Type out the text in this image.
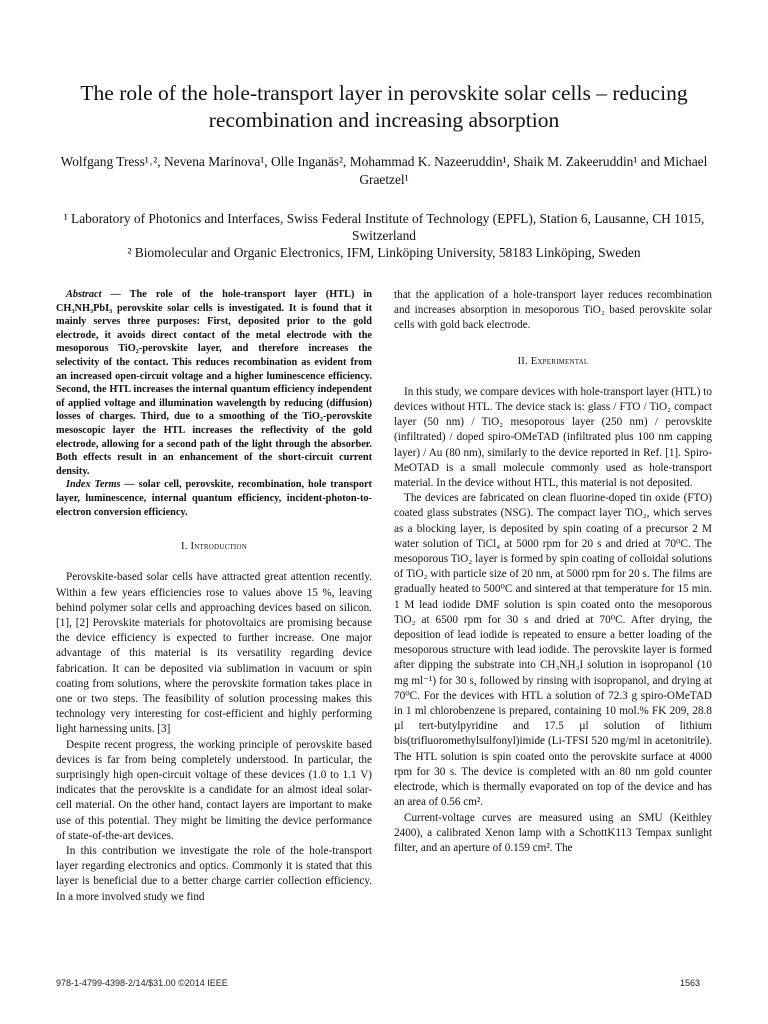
The role of the hole-transport layer in perovskite solar cells – reducing recombination and increasing absorption
Wolfgang Tress¹˒², Nevena Marinova¹, Olle Inganäs², Mohammad K. Nazeeruddin¹, Shaik M. Zakeeruddin¹ and Michael Graetzel¹

¹ Laboratory of Photonics and Interfaces, Swiss Federal Institute of Technology (EPFL), Station 6, Lausanne, CH 1015, Switzerland

² Biomolecular and Organic Electronics, IFM, Linköping University, 58183 Linköping, Sweden

Abstract — The role of the hole-transport layer (HTL) in CH₃NH₃PbI₃ perovskite solar cells is investigated. It is found that it mainly serves three purposes: First, deposited prior to the gold electrode, it avoids direct contact of the metal electrode with the mesoporous TiO₂-perovskite layer, and therefore increases the selectivity of the contact. This reduces recombination as evident from an increased open-circuit voltage and a higher luminescence efficiency. Second, the HTL increases the internal quantum efficiency independent of applied voltage and illumination wavelength by reducing (diffusion) losses of charges. Third, due to a smoothing of the TiO₂-perovskite mesoscopic layer the HTL increases the reflectivity of the gold electrode, allowing for a second path of the light through the absorber. Both effects result in an enhancement of the short-circuit current density.

Index Terms — solar cell, perovskite, recombination, hole transport layer, luminescence, internal quantum efficiency, incident-photon-to-electron conversion efficiency.

I. Introduction

Perovskite-based solar cells have attracted great attention recently. Within a few years efficiencies rose to values above 15 %, leaving behind polymer solar cells and approaching devices based on silicon. [1], [2] Perovskite materials for photovoltaics are promising because the device efficiency is expected to further increase. One major advantage of this material is its versatility regarding device fabrication. It can be deposited via sublimation in vacuum or spin coating from solutions, where the perovskite formation takes place in one or two steps. The feasibility of solution processing makes this technology very interesting for cost-efficient and highly performing light harnessing units. [3]

Despite recent progress, the working principle of perovskite based devices is far from being completely understood. In particular, the surprisingly high open-circuit voltage of these devices (1.0 to 1.1 V) indicates that the perovskite is a candidate for an almost ideal solar-cell material. On the other hand, contact layers are important to make use of this potential. They might be limiting the device performance of state-of-the-art devices.

In this contribution we investigate the role of the hole-transport layer regarding electronics and optics. Commonly it is stated that this layer is beneficial due to a better charge carrier collection efficiency. In a more involved study we find

that the application of a hole-transport layer reduces recombination and increases absorption in mesoporous TiO₂ based perovskite solar cells with gold back electrode.

II. Experimental

In this study, we compare devices with hole-transport layer (HTL) to devices without HTL. The device stack is: glass / FTO / TiO₂ compact layer (50 nm) / TiO₂ mesoporous layer (250 nm) / perovskite (infiltrated) / doped spiro-OMeTAD (infiltrated plus 100 nm capping layer) / Au (80 nm), similarly to the device reported in Ref. [1]. Spiro-MeOTAD is a small molecule commonly used as hole-transport material. In the device without HTL, this material is not deposited.

The devices are fabricated on clean fluorine-doped tin oxide (FTO) coated glass substrates (NSG). The compact layer TiO₂, which serves as a blocking layer, is deposited by spin coating of a precursor 2 M water solution of TiCl₄ at 5000 rpm for 20 s and dried at 70⁰C. The mesoporous TiO₂ layer is formed by spin coating of colloidal solutions of TiO₂ with particle size of 20 nm, at 5000 rpm for 20 s. The films are gradually heated to 500⁰C and sintered at that temperature for 15 min. 1 M lead iodide DMF solution is spin coated onto the mesoporous TiO₂ at 6500 rpm for 30 s and dried at 70⁰C. After drying, the deposition of lead iodide is repeated to ensure a better loading of the mesoporous structure with lead iodide. The perovskite layer is formed after dipping the substrate into CH₃NH₃I solution in isopropanol (10 mg ml⁻¹) for 30 s, followed by rinsing with isopropanol, and drying at 70⁰C. For the devices with HTL a solution of 72.3 g spiro-OMeTAD in 1 ml chlorobenzene is prepared, containing 10 mol.% FK 209, 28.8 µl tert-butylpyridine and 17.5 µl solution of lithium bis(trifluoromethylsulfonyl)imide (Li-TFSI 520 mg/ml in acetonitrile). The HTL solution is spin coated onto the perovskite surface at 4000 rpm for 30 s. The device is completed with an 80 nm gold counter electrode, which is thermally evaporated on top of the device and has an area of 0.56 cm².

Current-voltage curves are measured using an SMU (Keithley 2400), a calibrated Xenon lamp with a SchottK113 Tempax sunlight filter, and an aperture of 0.159 cm². The

978-1-4799-4398-2/14/$31.00 ©2014 IEEE	1563
